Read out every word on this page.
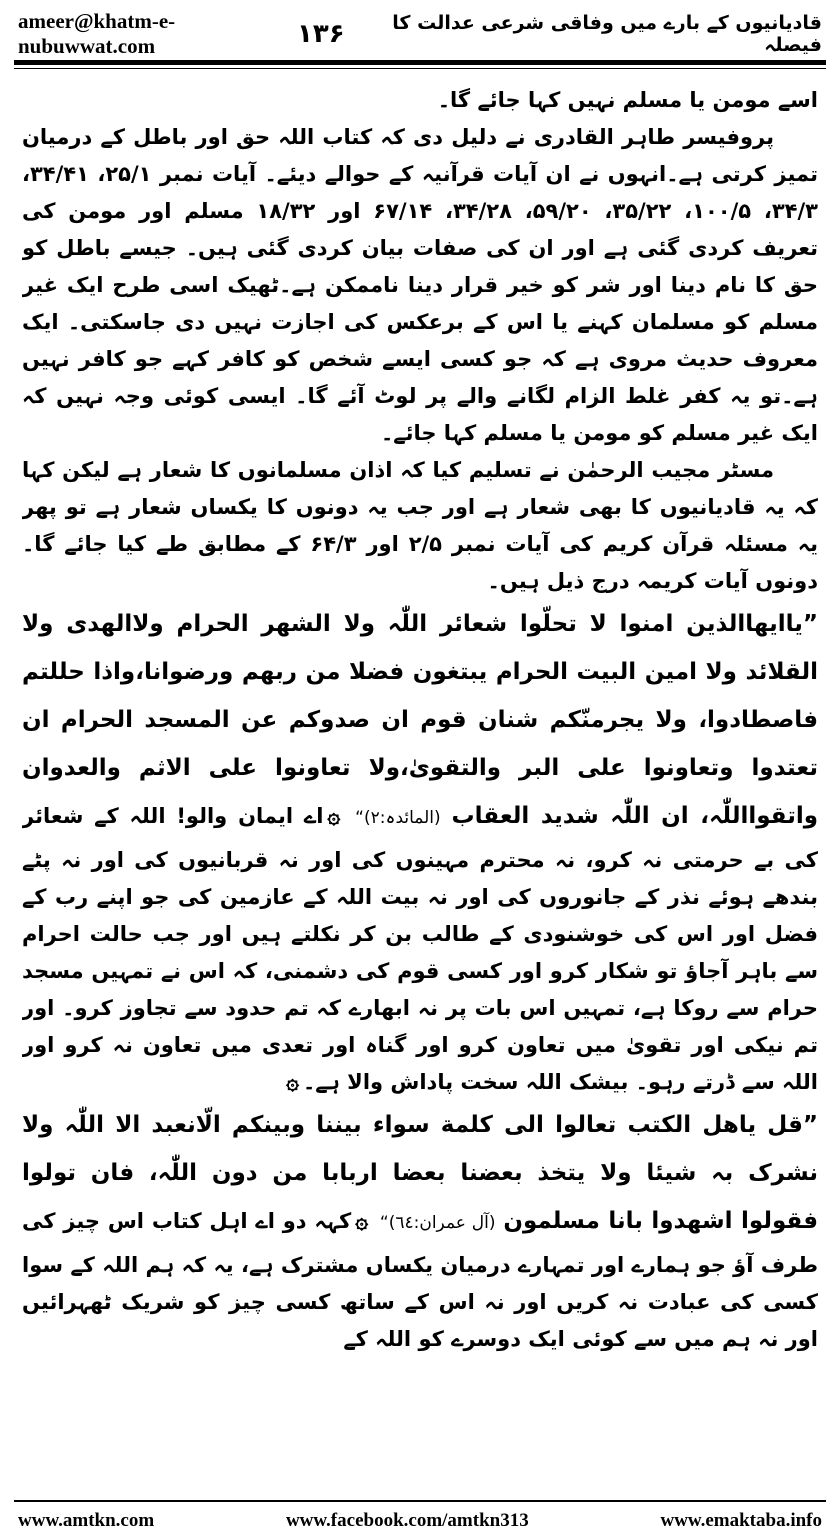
ameer@khatm-e-nubuwwat.com	۱۳۶	قادیانیوں کے بارے میں وفاقی شرعی عدالت کا فیصلہ

اسے مومن یا مسلم نہیں کہا جائے گا۔

پروفیسر طاہر القادری نے دلیل دی کہ کتاب اللہ حق اور باطل کے درمیان تمیز کرتی ہے۔انہوں نے ان آیات قرآنیہ کے حوالے دیئے۔ آیات نمبر ۲۵/۱، ۳۴/۴۱، ۳۴/۳، ۱۰۰/۵، ۳۵/۲۲، ۵۹/۲۰، ۳۴/۲۸، ۶۷/۱۴ اور ۱۸/۳۲ مسلم اور مومن کی تعریف کردی گئی ہے اور ان کی صفات بیان کردی گئی ہیں۔ جیسے باطل کو حق کا نام دینا اور شر کو خیر قرار دینا ناممکن ہے۔ٹھیک اسی طرح ایک غیر مسلم کو مسلمان کہنے یا اس کے برعکس کی اجازت نہیں دی جاسکتی۔ ایک معروف حدیث مروی ہے کہ جو کسی ایسے شخص کو کافر کہے جو کافر نہیں ہے۔تو یہ کفر غلط الزام لگانے والے پر لوٹ آئے گا۔ ایسی کوئی وجہ نہیں کہ ایک غیر مسلم کو مومن یا مسلم کہا جائے۔

مسٹر مجیب الرحمٰن نے تسلیم کیا کہ اذان مسلمانوں کا شعار ہے لیکن کہا کہ یہ قادیانیوں کا بھی شعار ہے اور جب یہ دونوں کا یکساں شعار ہے تو پھر یہ مسئلہ قرآن کریم کی آیات نمبر ۲/۵ اور ۶۴/۳ کے مطابق طے کیا جائے گا۔ دونوں آیات کریمہ درج ذیل ہیں۔

”یاایھاالذین امنوا لا تحلّوا شعائر اللّٰہ ولا الشھر الحرام ولاالھدی ولا القلائد ولا امین البیت الحرام یبتغون فضلا من ربھم ورضوانا،واذا حللتم فاصطادوا، ولا یجرمنّکم شنان قوم ان صدوکم عن المسجد الحرام ان تعتدوا وتعاونوا علی البر والتقویٰ،ولا تعاونوا علی الاثم والعدوان واتقوااللّٰہ، ان اللّٰہ شدید العقاب (المائدہ:۲)“ ۞اے ایمان والو! اللہ کے شعائر کی بے حرمتی نہ کرو، نہ محترم مہینوں کی اور نہ قربانیوں کی اور نہ پٹے بندھے ہوئے نذر کے جانوروں کی اور نہ بیت اللہ کے عازمین کی جو اپنے رب کے فضل اور اس کی خوشنودی کے طالب بن کر نکلتے ہیں اور جب حالت احرام سے باہر آجاؤ تو شکار کرو اور کسی قوم کی دشمنی، کہ اس نے تمہیں مسجد حرام سے روکا ہے، تمہیں اس بات پر نہ ابھارے کہ تم حدود سے تجاوز کرو۔ اور تم نیکی اور تقویٰ میں تعاون کرو اور گناہ اور تعدی میں تعاون نہ کرو اور اللہ سے ڈرتے رہو۔ بیشک اللہ سخت پاداش والا ہے۔۞

”قل یاھل الکتب تعالوا الی کلمة سواء بیننا وبینکم الّانعبد الا اللّٰہ ولا نشرک بہ شیئا ولا یتخذ بعضنا بعضا اربابا من دون اللّٰہ، فان تولوا فقولوا اشھدوا بانا مسلمون (آل عمران:٦٤)“ ۞کہہ دو اے اہل کتاب اس چیز کی طرف آؤ جو ہمارے اور تمہارے درمیان یکساں مشترک ہے، یہ کہ ہم اللہ کے سوا کسی کی عبادت نہ کریں اور نہ اس کے ساتھ کسی چیز کو شریک ٹھہرائیں اور نہ ہم میں سے کوئی ایک دوسرے کو اللہ کے

www.amtkn.com	www.facebook.com/amtkn313	www.emaktaba.info
